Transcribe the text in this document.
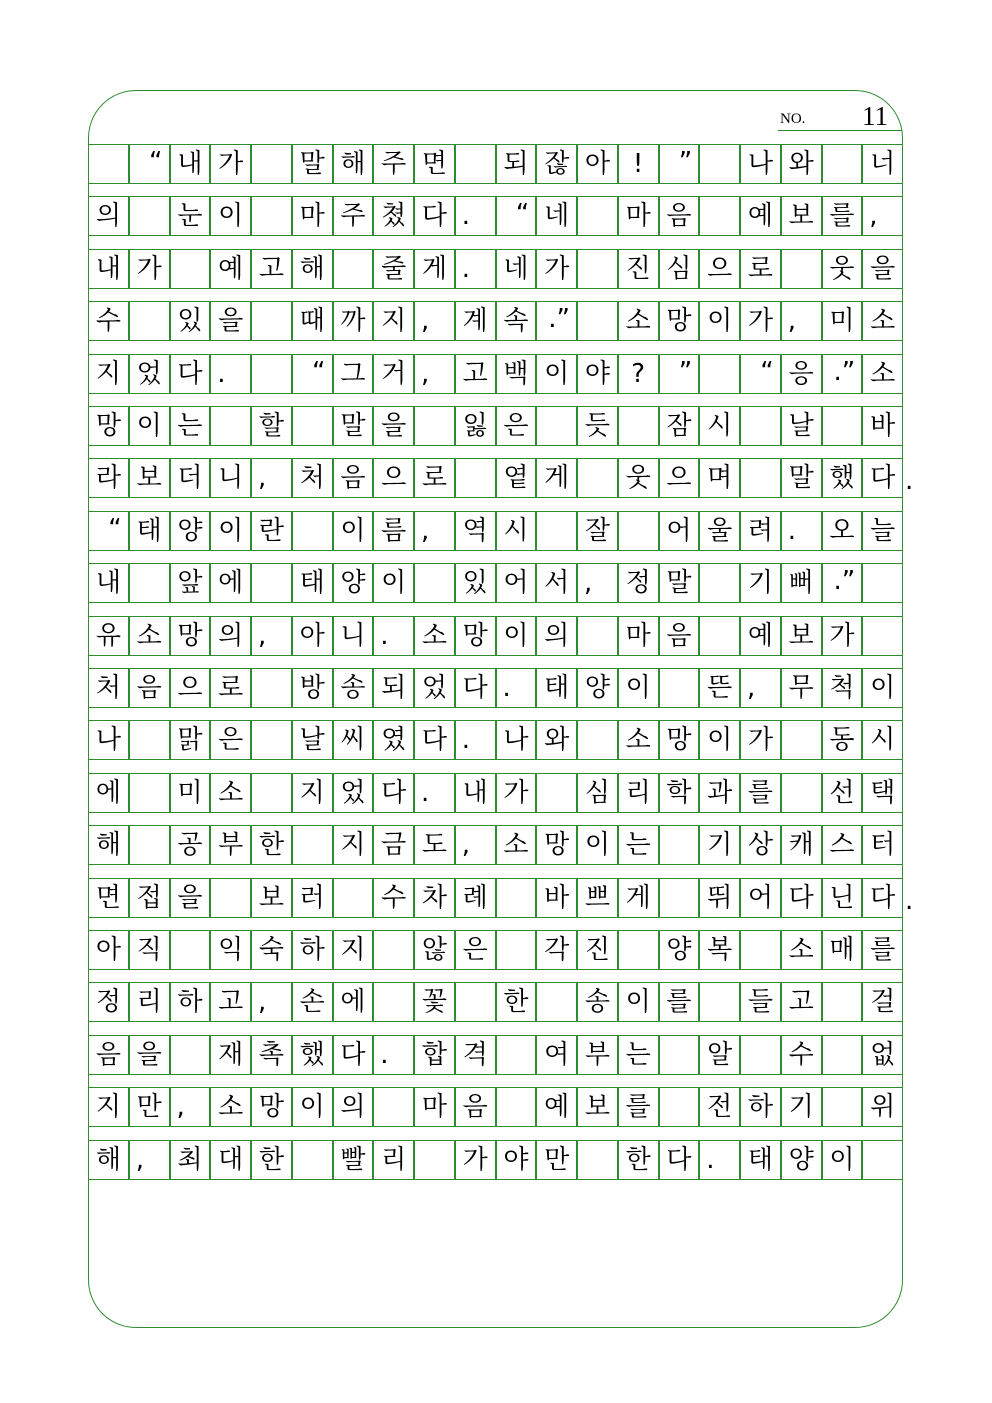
NO. 11
“ 내 가	말 해 주 면	되 잖 아 !	”	나 와	너
의	눈 이	마 주 쳤 다 .	“ 네	마 음	예 보 를 ,
내 가	예 고 해	줄 게 .	네 가	진 심 으 로	웃 을
수	있 을	때 까 지 ,	계 속 .”	소 망 이 가 ,	미 소
지 었 다 .	“ 그 거 ,	고 백 이 야 ?	”	“ 응 .” 소
망 이 는	할	말 을	잃 은	듯	잠 시	날	바
라 보 더 니 ,	처 음 으 로	옅 게	웃 으 며	말 했 다
“ 태 양 이 란	이 름 ,	역 시	잘	어 울 려 .	오 늘
내	앞 에	태 양 이	있 어 서 ,	정 말	기 뻐 .”
유 소 망 의 ,	아 니 .	소 망 이 의	마 음	예 보 가
처 음 으 로	방 송 되 었 다 .	태 양 이	뜬 ,	무 척 이
나	맑 은	날 씨 였 다 .	나 와	소 망 이 가	동 시
에	미 소	지 었 다 .	내 가	심 리 학 과 를	선 택
해	공 부 한	지 금 도 ,	소 망 이 는	기 상 캐 스 터
면 접 을	보 러	수 차 례	바 쁘 게	뛰 어 다 닌 다
아 직	익 숙 하 지	않 은	각 진	양 복	소 매 를
정 리 하 고 ,	손 에	꽃	한	송 이 를	들 고	걸
음 을	재 촉 했 다 .	합 격	여 부 는	알	수	없
지 만 ,	소 망 이 의	마 음	예 보 를	전 하 기	위
해 ,	최 대 한	빨 리	가 야 만	한 다 .	태 양 이
.
.
